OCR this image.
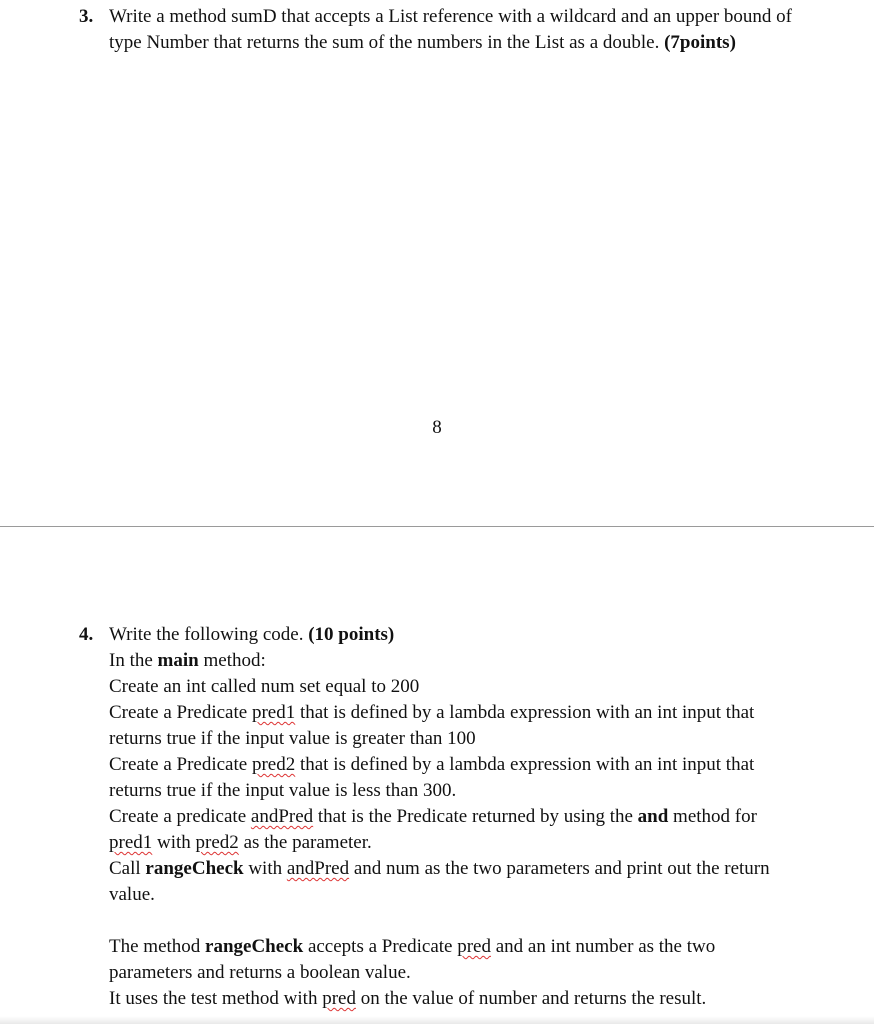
3. Write a method sumD that accepts a List reference with a wildcard and an upper bound of
type Number that returns the sum of the numbers in the List as a double. (7points)
8
4. Write the following code. (10 points)
In the main method:
Create an int called num set equal to 200
Create a Predicate pred1 that is defined by a lambda expression with an int input that
returns true if the input value is greater than 100
Create a Predicate pred2 that is defined by a lambda expression with an int input that
returns true if the input value is less than 300.
Create a predicate andPred that is the Predicate returned by using the and method for
pred1 with pred2 as the parameter.
Call rangeCheck with andPred and num as the two parameters and print out the return
value.
The method rangeCheck accepts a Predicate pred and an int number as the two
parameters and returns a boolean value.
It uses the test method with pred on the value of number and returns the result.
